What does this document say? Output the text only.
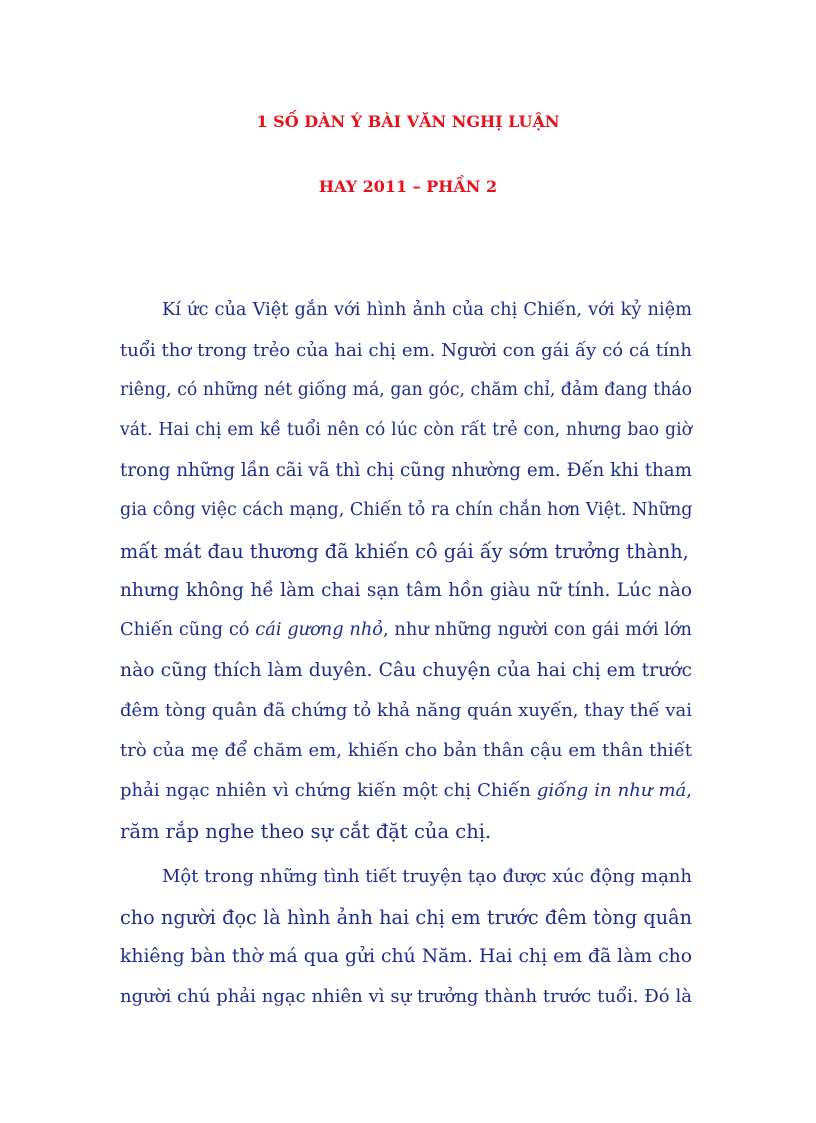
1 SỐ DÀN Ý BÀI VĂN NGHỊ LUẬN
HAY 2011 – PHẦN 2
Kí ức của Việt gắn với hình ảnh của chị Chiến, với kỷ niệm
tuổi thơ trong trẻo của hai chị em. Người con gái ấy có cá tính
riêng, có những nét giống má, gan góc, chăm chỉ, đảm đang tháo
vát. Hai chị em kề tuổi nên có lúc còn rất trẻ con, nhưng bao giờ
trong những lần cãi vã thì chị cũng nhường em. Đến khi tham
gia công việc cách mạng, Chiến tỏ ra chín chắn hơn Việt. Những
mất mát đau thương đã khiến cô gái ấy sớm trưởng thành,
nhưng không hề làm chai sạn tâm hồn giàu nữ tính. Lúc nào
Chiến cũng có cái gương nhỏ, như những người con gái mới lớn
nào cũng thích làm duyên. Câu chuyện của hai chị em trước
đêm tòng quân đã chứng tỏ khả năng quán xuyến, thay thế vai
trò của mẹ để chăm em, khiến cho bản thân cậu em thân thiết
phải ngạc nhiên vì chứng kiến một chị Chiến giống in như má,
răm rắp nghe theo sự cắt đặt của chị.
Một trong những tình tiết truyện tạo được xúc động mạnh
cho người đọc là hình ảnh hai chị em trước đêm tòng quân
khiêng bàn thờ má qua gửi chú Năm. Hai chị em đã làm cho
người chú phải ngạc nhiên vì sự trưởng thành trước tuổi. Đó là
